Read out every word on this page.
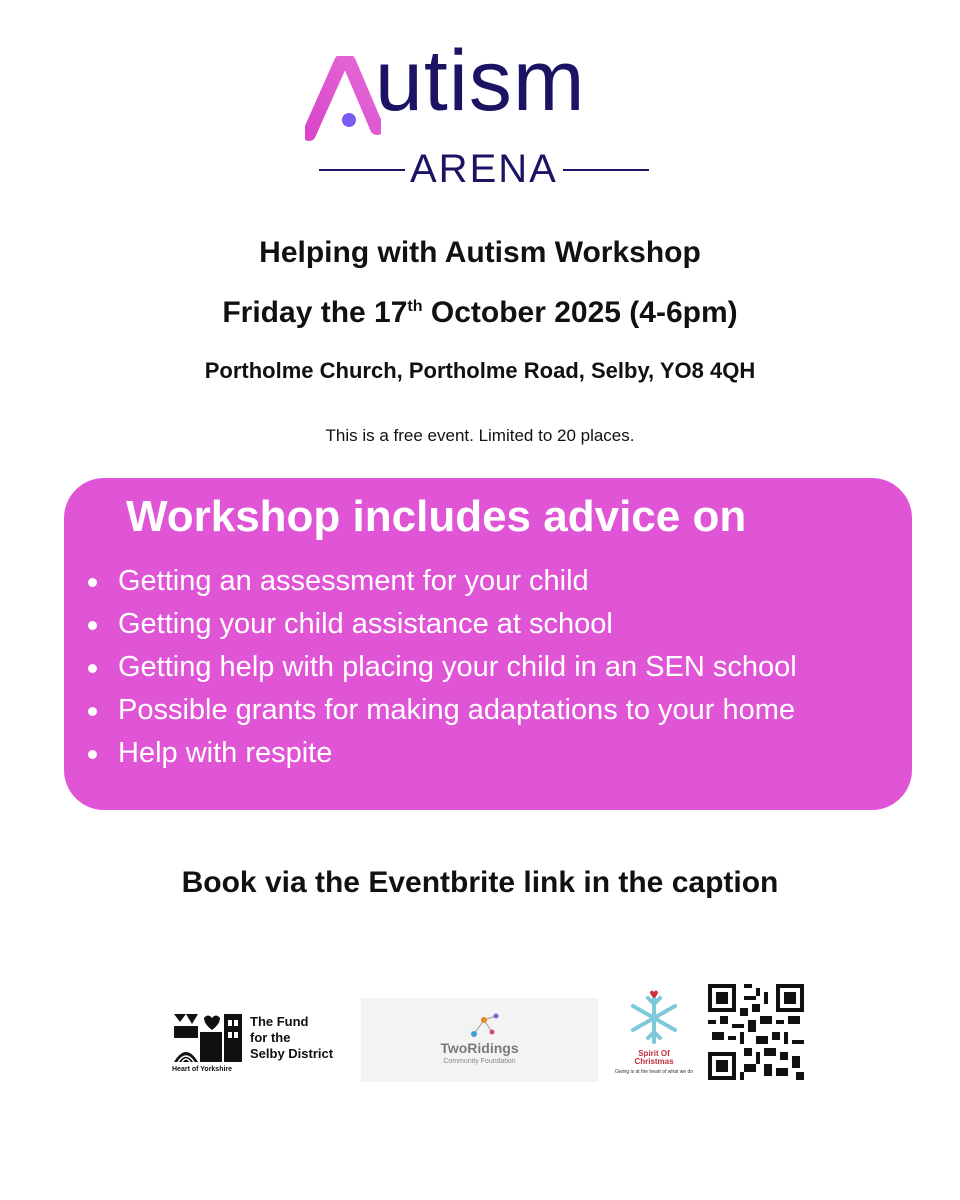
utism
ARENA
Helping with Autism Workshop
Friday the 17th October 2025 (4-6pm)
Portholme Church, Portholme Road, Selby, YO8 4QH
This is a free event. Limited to 20 places.
Workshop includes advice on
Getting an assessment for your child
Getting your child assistance at school
Getting help with placing your child in an SEN school
Possible grants for making adaptations to your home
Help with respite
Book via the Eventbrite link in the caption
The Fund
for the
Selby District
Heart of Yorkshire
TwoRidings
Community Foundation
Spirit Of
Christmas
Giving is at the heart of what we do
